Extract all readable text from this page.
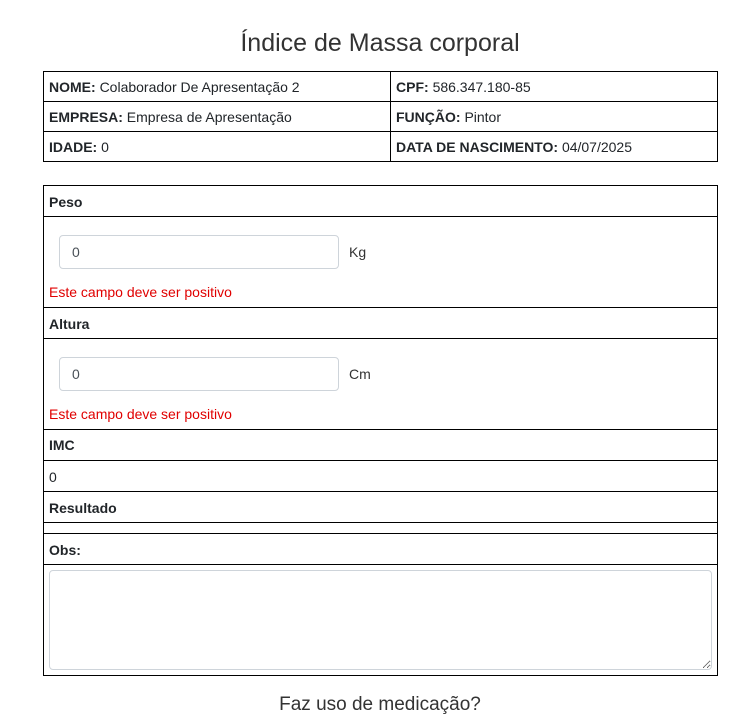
Índice de Massa corporal
NOME: Colaborador De Apresentação 2	CPF: 586.347.180-85
EMPRESA: Empresa de Apresentação	FUNÇÃO: Pintor
IDADE: 0	DATA DE NASCIMENTO: 04/07/2025
Peso
0
Kg
Este campo deve ser positivo
Altura
0
Cm
Este campo deve ser positivo
IMC
0
Resultado
Obs:
Faz uso de medicação?
